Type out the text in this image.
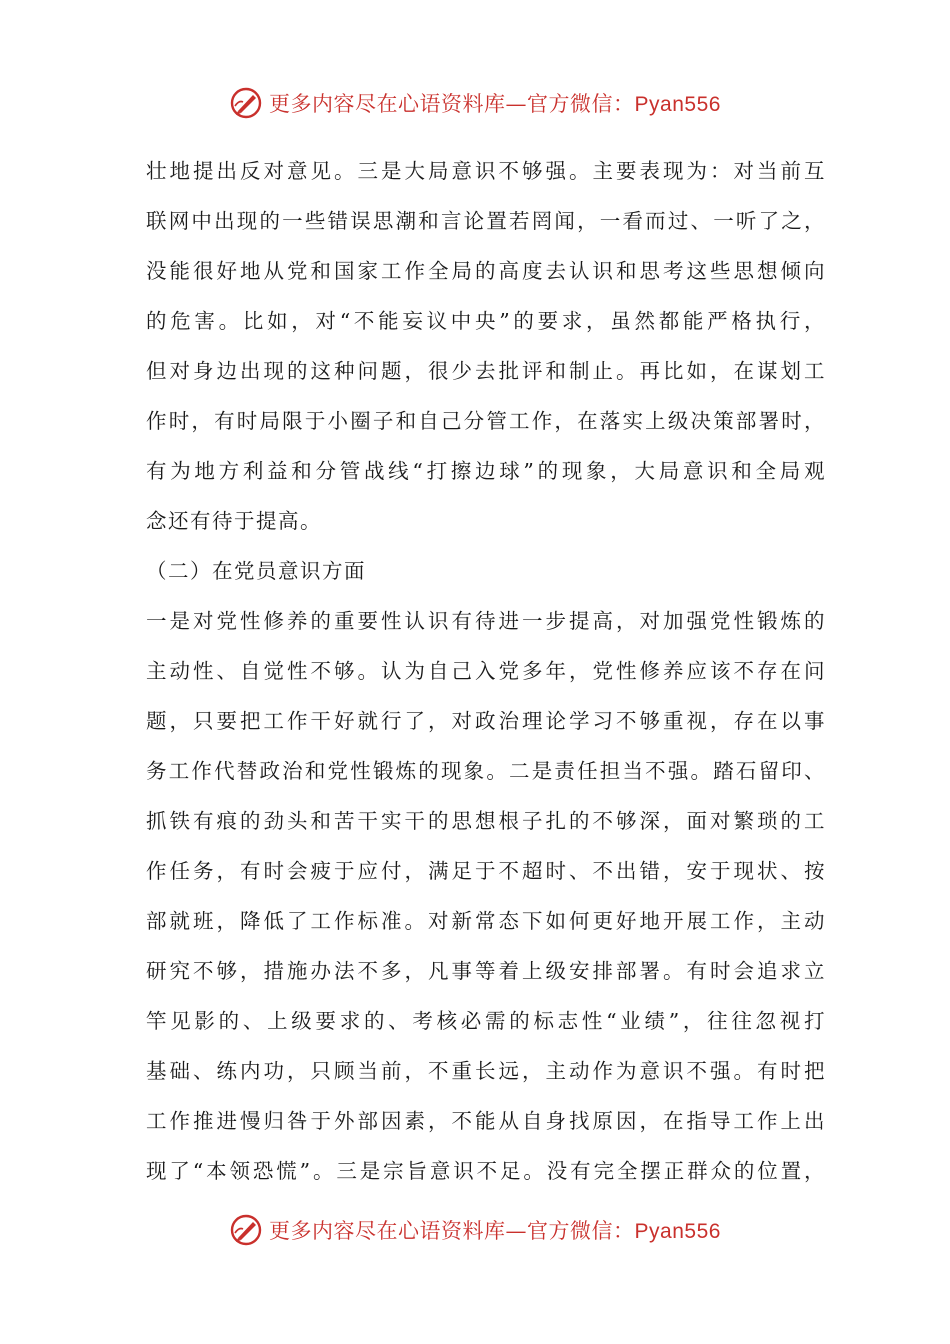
更多内容尽在心语资料库—官方微信：Pyan556
壮地提出反对意见。三是大局意识不够强。主要表现为：对当前互
联网中出现的一些错误思潮和言论置若罔闻，一看而过、一听了之，
没能很好地从党和国家工作全局的高度去认识和思考这些思想倾向
的危害。比如，对“不能妄议中央”的要求，虽然都能严格执行，
但对身边出现的这种问题，很少去批评和制止。再比如，在谋划工
作时，有时局限于小圈子和自己分管工作，在落实上级决策部署时，
有为地方利益和分管战线“打擦边球”的现象，大局意识和全局观
念还有待于提高。
（二）在党员意识方面
一是对党性修养的重要性认识有待进一步提高，对加强党性锻炼的
主动性、自觉性不够。认为自己入党多年，党性修养应该不存在问
题，只要把工作干好就行了，对政治理论学习不够重视，存在以事
务工作代替政治和党性锻炼的现象。二是责任担当不强。踏石留印、
抓铁有痕的劲头和苦干实干的思想根子扎的不够深，面对繁琐的工
作任务，有时会疲于应付，满足于不超时、不出错，安于现状、按
部就班，降低了工作标准。对新常态下如何更好地开展工作，主动
研究不够，措施办法不多，凡事等着上级安排部署。有时会追求立
竿见影的、上级要求的、考核必需的标志性“业绩”，往往忽视打
基础、练内功，只顾当前，不重长远，主动作为意识不强。有时把
工作推进慢归咎于外部因素，不能从自身找原因，在指导工作上出
现了“本领恐慌”。三是宗旨意识不足。没有完全摆正群众的位置，
更多内容尽在心语资料库—官方微信：Pyan556
